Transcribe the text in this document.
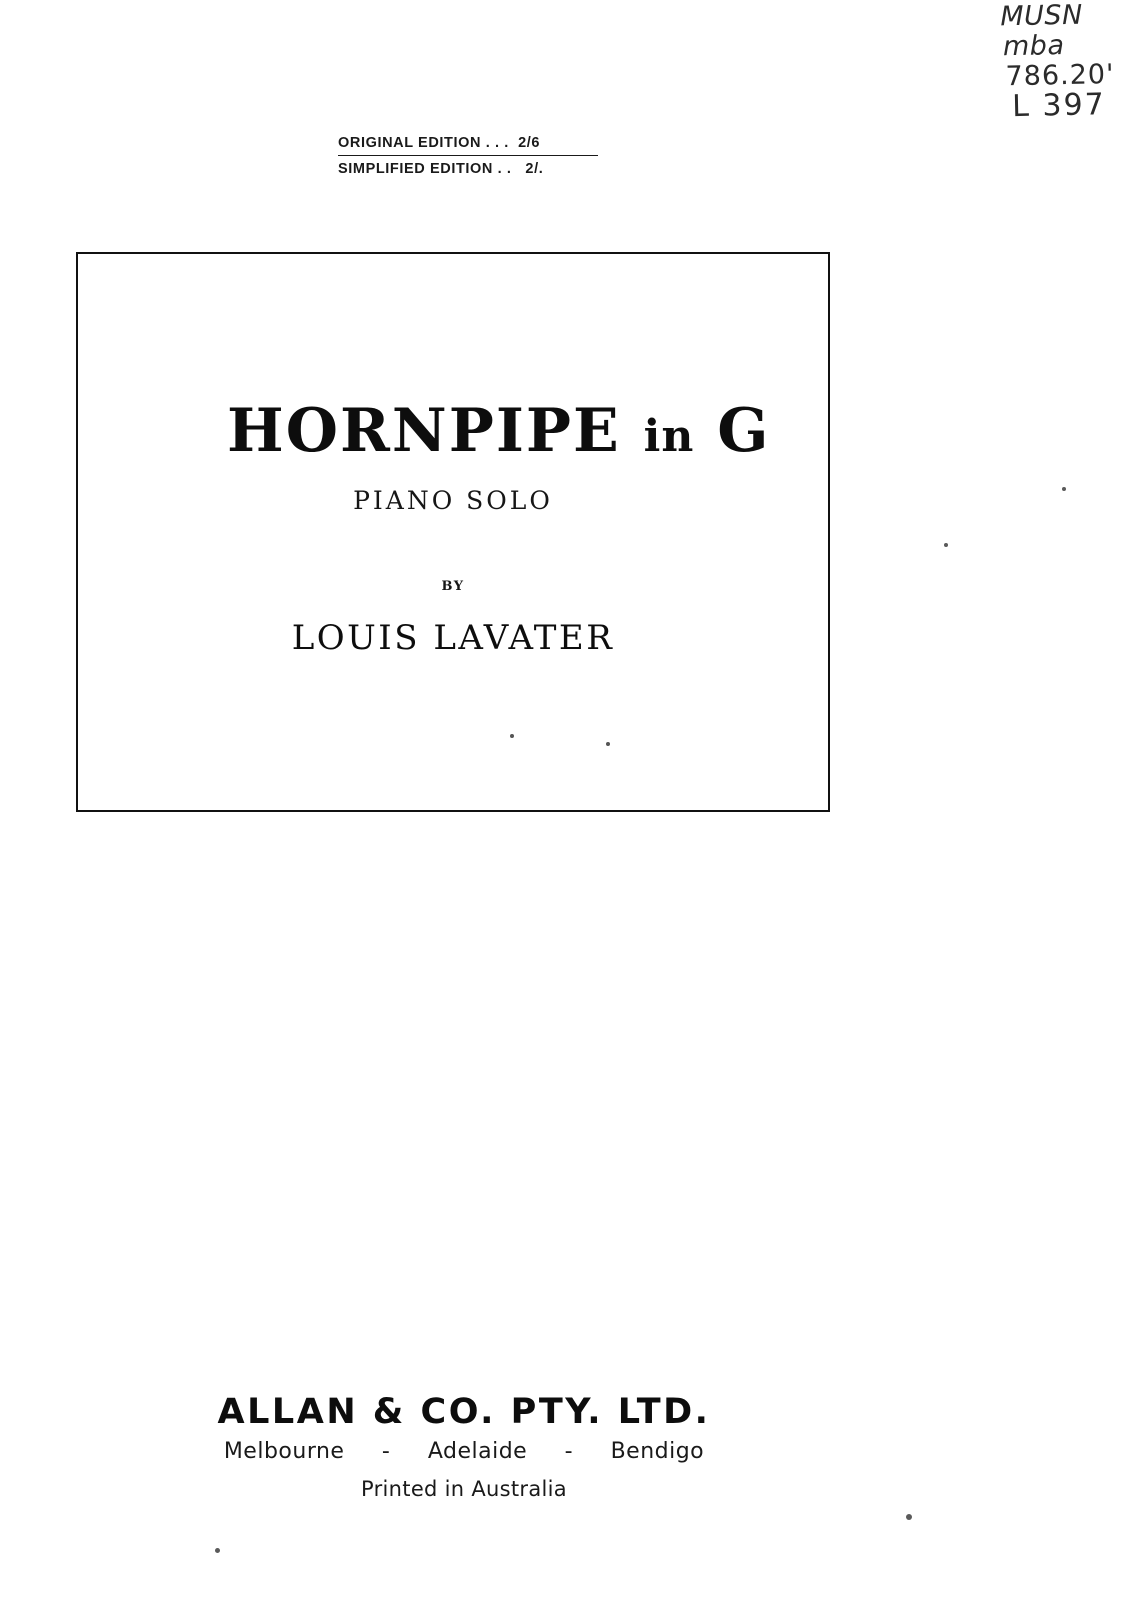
MUSN
mba
786.20'
L 397
ORIGINAL EDITION . . .  2/6
SIMPLIFIED EDITION . .   2/.

HORNPIPE in G

PIANO SOLO
BY
LOUIS LAVATER
ALLAN & CO. PTY. LTD.
Melbourne     -     Adelaide     -     Bendigo
Printed in Australia
